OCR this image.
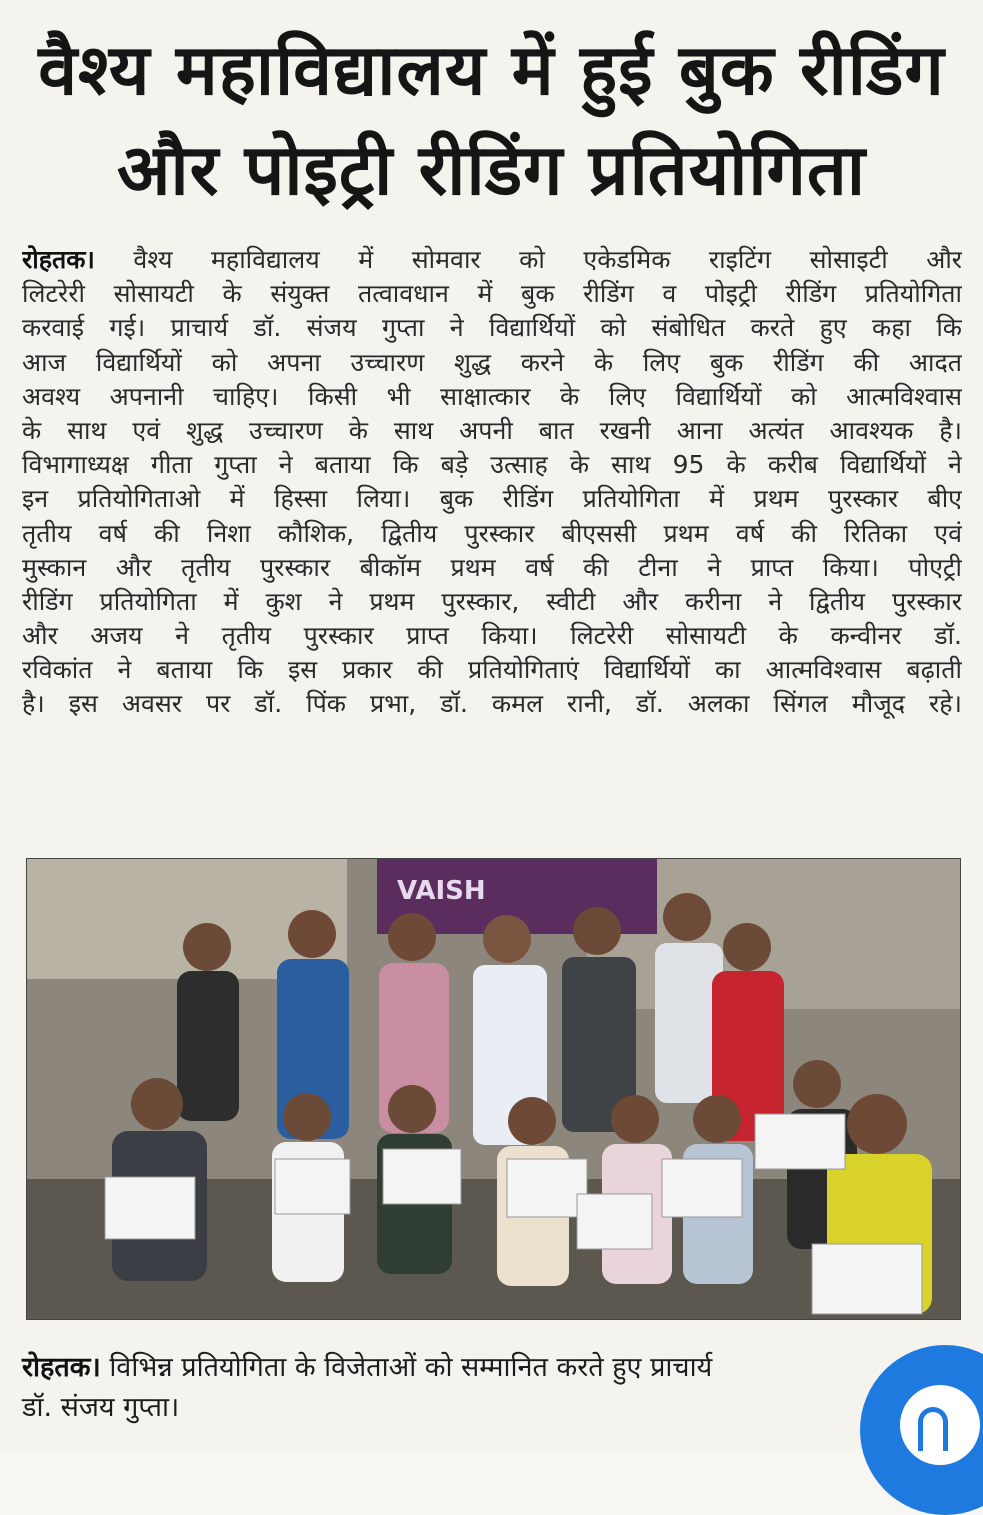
वैश्य महाविद्यालय में हुई बुक रीडिंग
और पोइट्री रीडिंग प्रतियोगिता
रोहतक। वैश्य महाविद्यालय में सोमवार को एकेडमिक राइटिंग सोसाइटी और
लिटरेरी सोसायटी के संयुक्त तत्वावधान में बुक रीडिंग व पोइट्री रीडिंग प्रतियोगिता
करवाई गई। प्राचार्य डॉ. संजय गुप्ता ने विद्यार्थियों को संबोधित करते हुए कहा कि
आज विद्यार्थियों को अपना उच्चारण शुद्ध करने के लिए बुक रीडिंग की आदत
अवश्य अपनानी चाहिए। किसी भी साक्षात्कार के लिए विद्यार्थियों को आत्मविश्वास
के साथ एवं शुद्ध उच्चारण के साथ अपनी बात रखनी आना अत्यंत आवश्यक है।
विभागाध्यक्ष गीता गुप्ता ने बताया कि बड़े उत्साह के साथ 95 के करीब विद्यार्थियों ने
इन प्रतियोगिताओ में हिस्सा लिया। बुक रीडिंग प्रतियोगिता में प्रथम पुरस्कार बीए
तृतीय वर्ष की निशा कौशिक, द्वितीय पुरस्कार बीएससी प्रथम वर्ष की रितिका एवं
मुस्कान और तृतीय पुरस्कार बीकॉम प्रथम वर्ष की टीना ने प्राप्त किया। पोएट्री
रीडिंग प्रतियोगिता में कुश ने प्रथम पुरस्कार, स्वीटी और करीना ने द्वितीय पुरस्कार
और अजय ने तृतीय पुरस्कार प्राप्त किया। लिटरेरी सोसायटी के कन्वीनर डॉ.
रविकांत ने बताया कि इस प्रकार की प्रतियोगिताएं विद्यार्थियों का आत्मविश्वास बढ़ाती
है। इस अवसर पर डॉ. पिंक प्रभा, डॉ. कमल रानी, डॉ. अलका सिंगल मौजूद रहे।
VAISH
रोहतक। विभिन्न प्रतियोगिता के विजेताओं को सम्मानित करते हुए प्राचार्य
डॉ. संजय गुप्ता।
